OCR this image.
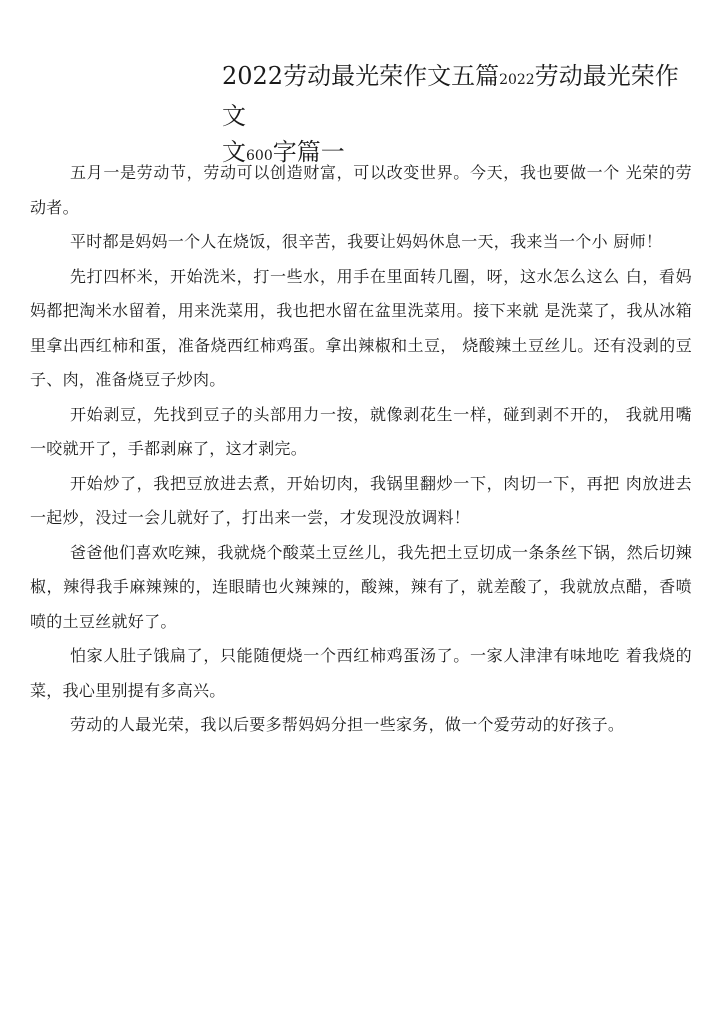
2022劳动最光荣作文五篇2022劳动最光荣作文
文600字篇一

五月一是劳动节，劳动可以创造财富，可以改变世界。今天，我也要做一个 光荣的劳动者。

平时都是妈妈一个人在烧饭，很辛苦，我要让妈妈休息一天，我来当一个小 厨师！

先打四杯米，开始洗米，打一些水，用手在里面转几圈，呀，这水怎么这么 白，看妈妈都把淘米水留着，用来洗菜用，我也把水留在盆里洗菜用。接下来就 是洗菜了，我从冰箱里拿出西红柿和蛋，准备烧西红柿鸡蛋。拿出辣椒和土豆， 烧酸辣土豆丝儿。还有没剥的豆子、肉，准备烧豆子炒肉。

开始剥豆，先找到豆子的头部用力一按，就像剥花生一样，碰到剥不开的， 我就用嘴一咬就开了，手都剥麻了，这才剥完。

开始炒了，我把豆放进去煮，开始切肉，我锅里翻炒一下，肉切一下，再把 肉放进去一起炒，没过一会儿就好了，打出来一尝，才发现没放调料！

爸爸他们喜欢吃辣，我就烧个酸菜土豆丝儿，我先把土豆切成一条条丝下锅，然后切辣椒，辣得我手麻辣辣的，连眼睛也火辣辣的，酸辣，辣有了，就差酸了，我就放点醋，香喷喷的土豆丝就好了。

怕家人肚子饿扁了，只能随便烧一个西红柿鸡蛋汤了。一家人津津有味地吃 着我烧的菜，我心里别提有多高兴。

劳动的人最光荣，我以后要多帮妈妈分担一些家务，做一个爱劳动的好孩子。
